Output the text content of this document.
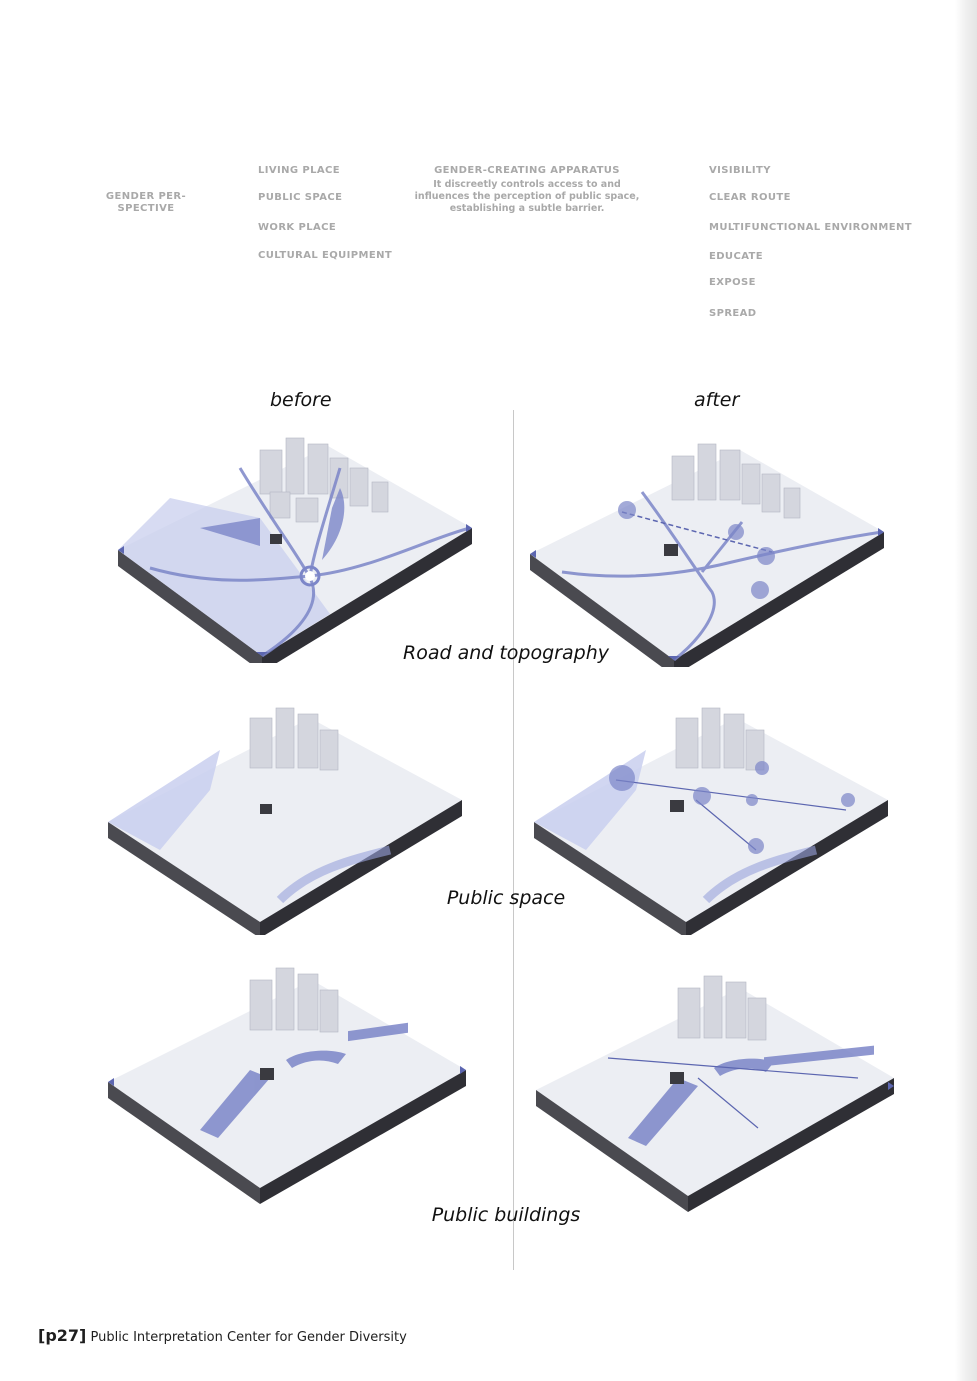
GENDER PER-SPECTIVE
LIVING PLACE
PUBLIC SPACE
WORK PLACE
CULTURAL EQUIPMENT
GENDER-CREATING APPARATUS
It discreetly controls access to and influences the perception of public space, establishing a subtle barrier.
VISIBILITY
CLEAR ROUTE
MULTIFUNCTIONAL ENVIRONMENT
EDUCATE
EXPOSE
SPREAD
before	after
Road and topography
Public space
Public buildings
[p27] Public Interpretation Center for Gender Diversity
